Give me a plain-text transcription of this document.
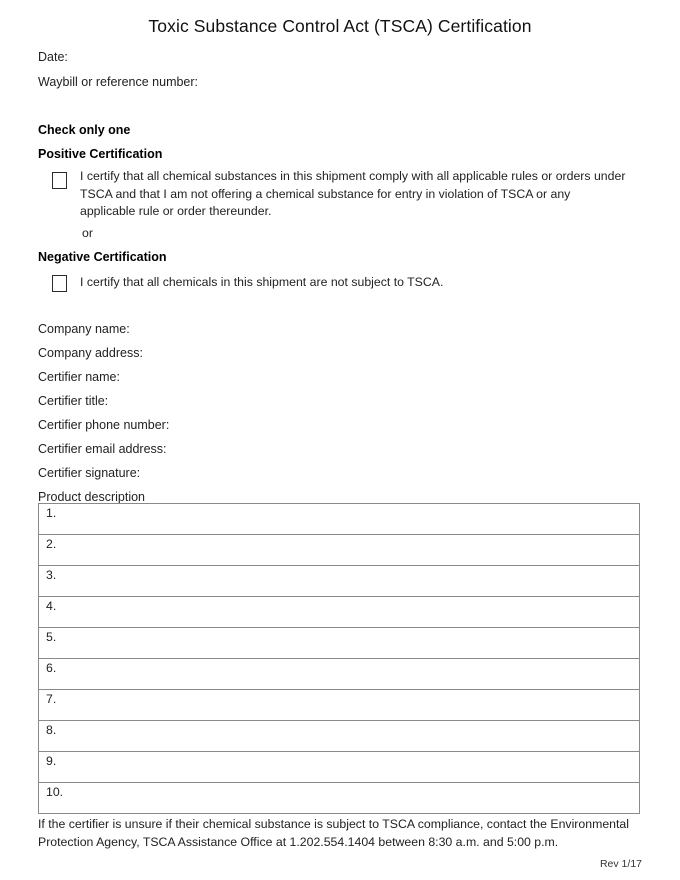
Toxic Substance Control Act (TSCA) Certification
Date:
Waybill or reference number:
Check only one
Positive Certification
I certify that all chemical substances in this shipment comply with all applicable rules or orders under TSCA and that I am not offering a chemical substance for entry in violation of TSCA or any applicable rule or order thereunder.
or
Negative Certification
I certify that all chemicals in this shipment are not subject to TSCA.
Company name:
Company address:
Certifier name:
Certifier title:
Certifier phone number:
Certifier email address:
Certifier signature:
Product description
1.
2.
3.
4.
5.
6.
7.
8.
9.
10.
If the certifier is unsure if their chemical substance is subject to TSCA compliance, contact the Environmental Protection Agency, TSCA Assistance Office at 1.202.554.1404 between 8:30 a.m. and 5:00 p.m.
Rev 1/17
